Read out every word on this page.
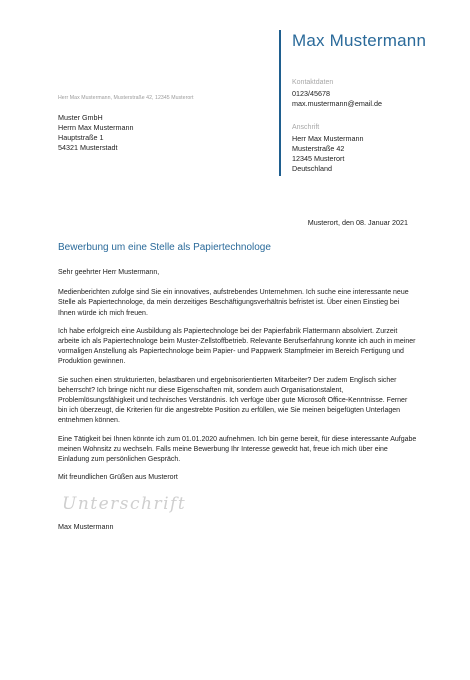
Max Mustermann
Kontaktdaten
0123/45678
max.mustermann@email.de
Anschrift
Herr Max Mustermann
Musterstraße 42
12345 Musterort
Deutschland
Herr Max Mustermann, Musterstraße 42, 12345 Musterort
Muster GmbH
Herrn Max Mustermann
Hauptstraße 1
54321 Musterstadt
Musterort, den 08. Januar 2021
Bewerbung um eine Stelle als Papiertechnologe

Sehr geehrter Herr Mustermann,

Medienberichten zufolge sind Sie ein innovatives, aufstrebendes Unternehmen. Ich suche eine interessante neue Stelle als Papiertechnologe, da mein derzeitiges Beschäftigungsverhältnis befristet ist. Über einen Einstieg bei Ihnen würde ich mich freuen.

Ich habe erfolgreich eine Ausbildung als Papiertechnologe bei der Papierfabrik Flattermann absolviert. Zurzeit arbeite ich als Papiertechnologe beim Muster-Zellstoffbetrieb. Relevante Berufserfahrung konnte ich auch in meiner vormaligen Anstellung als Papiertechnologe beim Papier- und Pappwerk Stampfmeier im Bereich Fertigung und Produktion gewinnen.

Sie suchen einen strukturierten, belastbaren und ergebnisorientierten Mitarbeiter? Der zudem Englisch sicher beherrscht? Ich bringe nicht nur diese Eigenschaften mit, sondern auch Organisationstalent, Problemlösungsfähigkeit und technisches Verständnis. Ich verfüge über gute Microsoft Office-Kenntnisse. Ferner bin ich überzeugt, die Kriterien für die angestrebte Position zu erfüllen, wie Sie meinen beigefügten Unterlagen entnehmen können.

Eine Tätigkeit bei Ihnen könnte ich zum 01.01.2020 aufnehmen. Ich bin gerne bereit, für diese interessante Aufgabe meinen Wohnsitz zu wechseln. Falls meine Bewerbung Ihr Interesse geweckt hat, freue ich mich über eine Einladung zum persönlichen Gespräch.

Mit freundlichen Grüßen aus Musterort

Unterschrift
Max Mustermann
